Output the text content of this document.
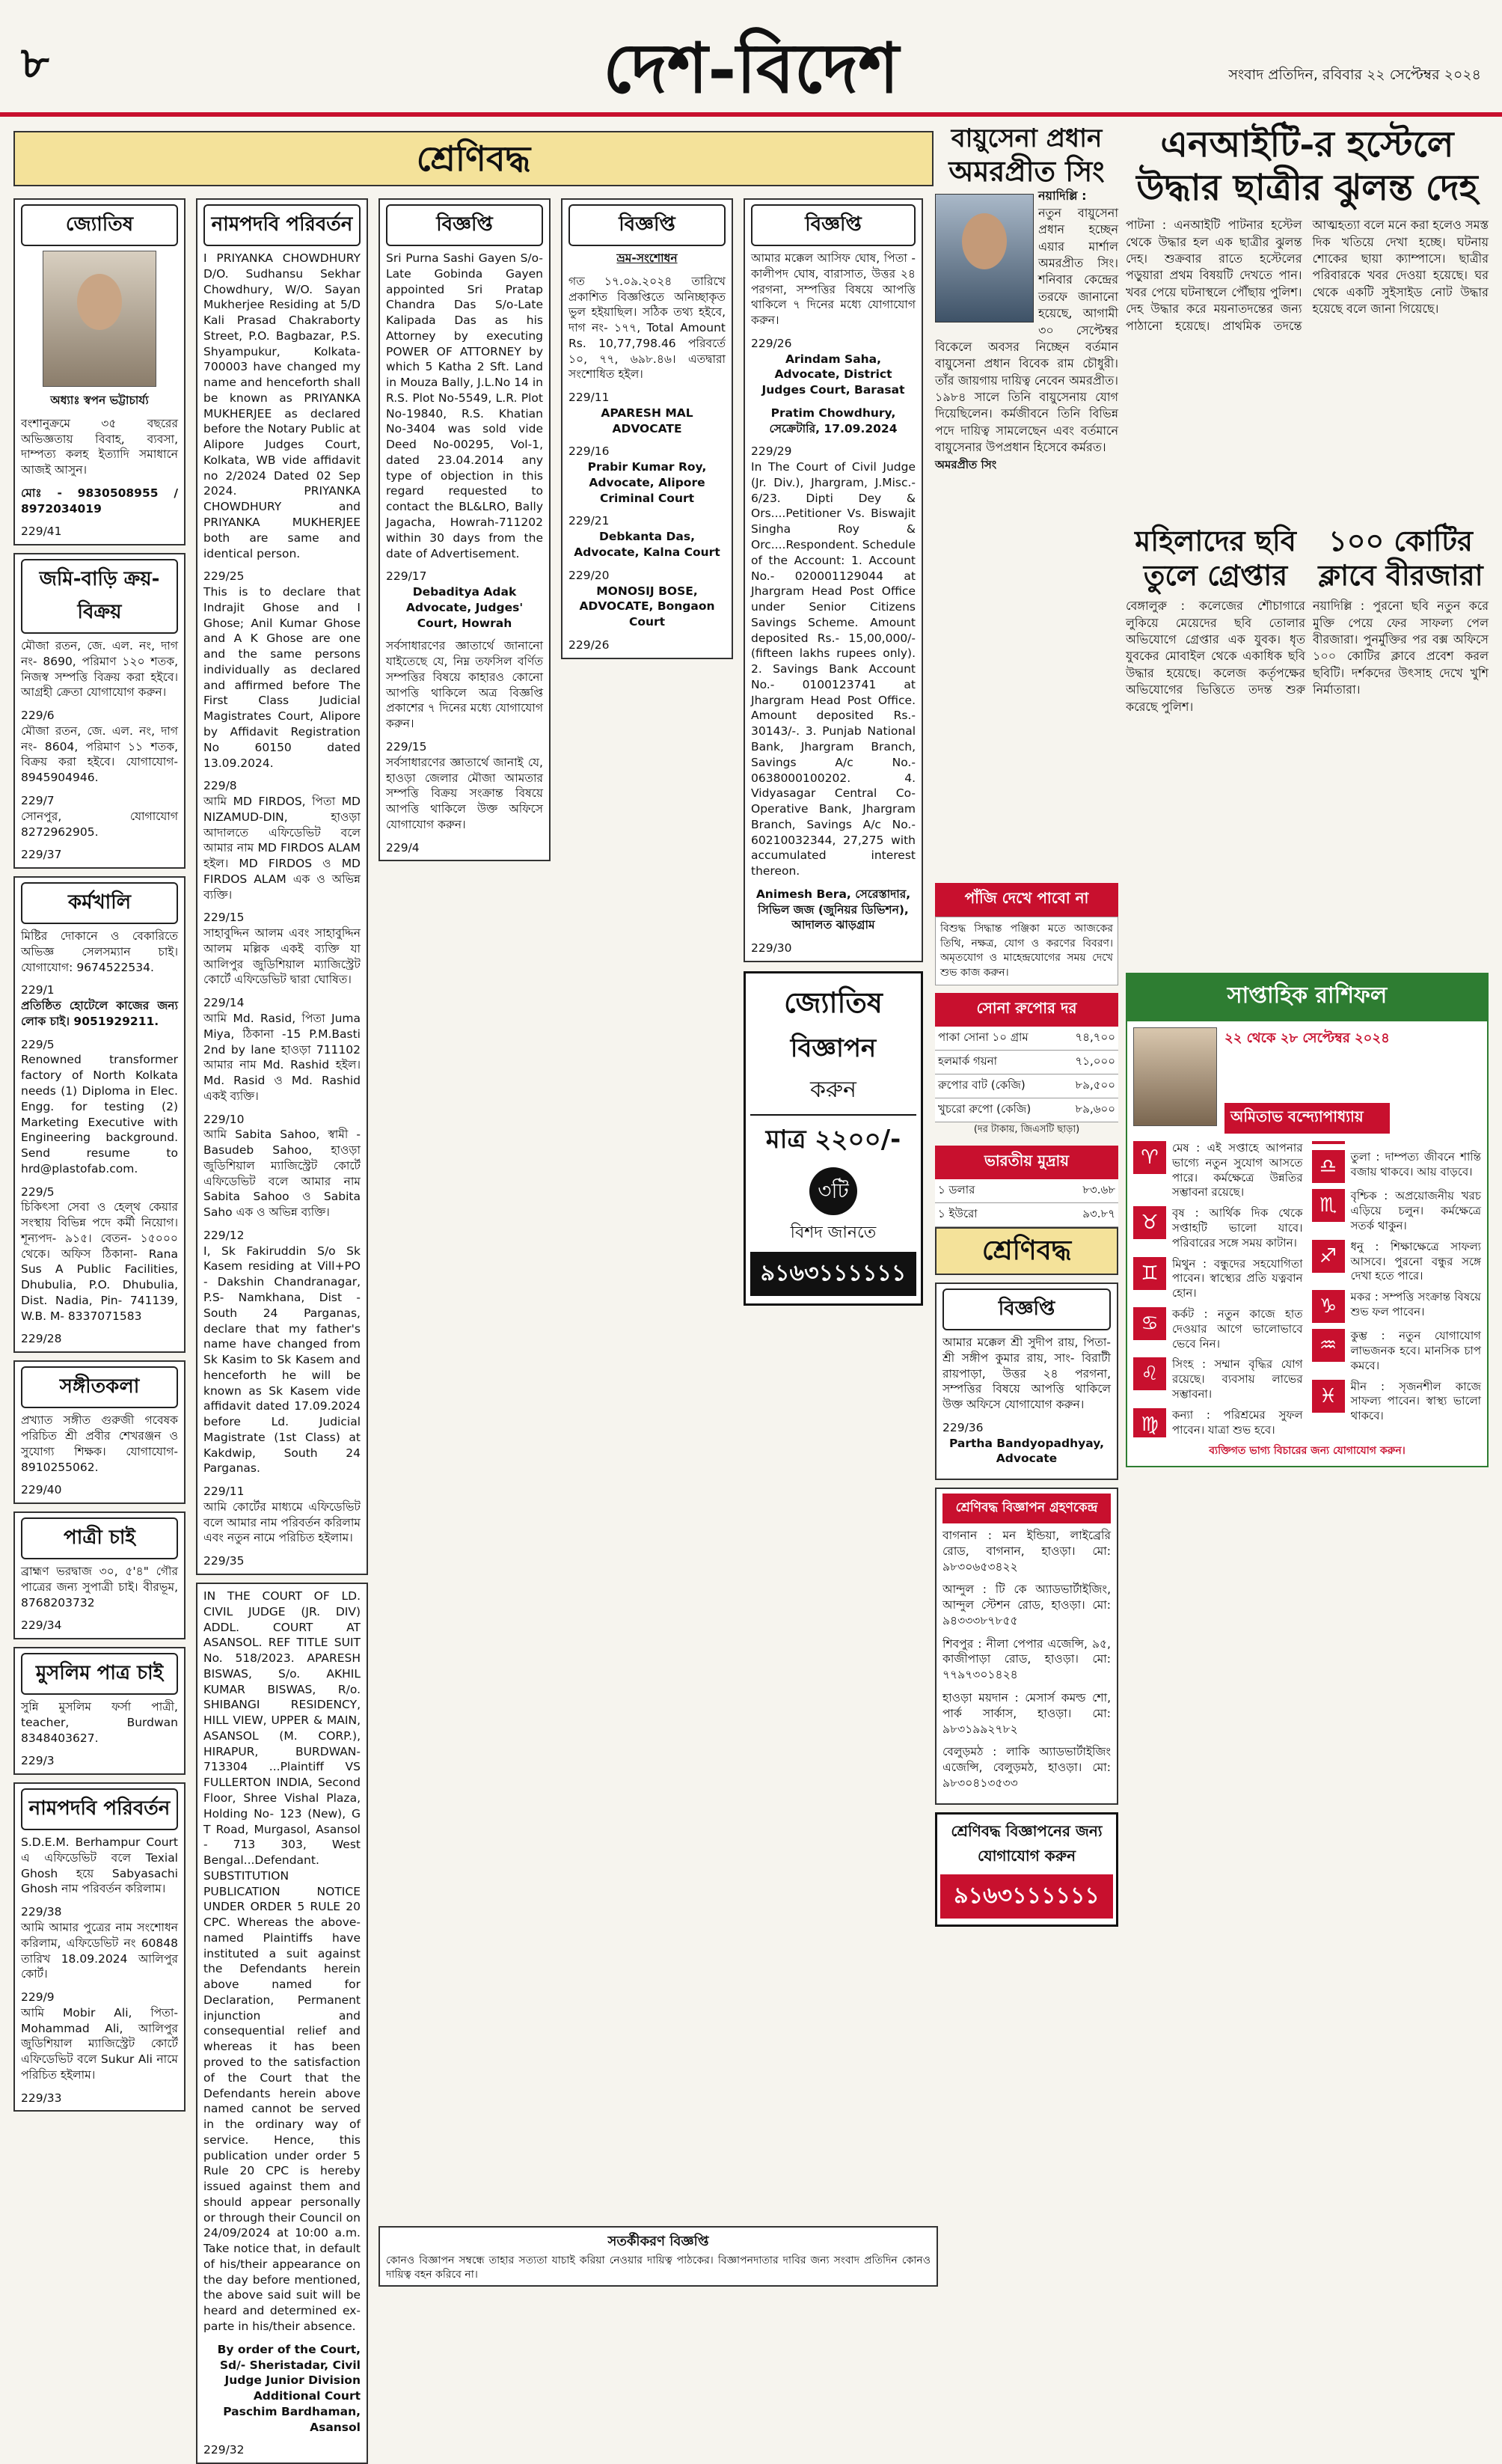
৮	দেশ-বিদেশ	সংবাদ প্রতিদিন, রবিবার ২২ সেপ্টেম্বর ২০২৪
শ্রেণিবদ্ধ
জ্যোতিষ
অধ্যাঃ স্বপন ভট্টাচার্য্য
বংশানুক্রমে ৩৫ বছরের অভিজ্ঞতায় বিবাহ, ব্যবসা, দাম্পত্য কলহ ইত্যাদি সমাধানে আজই আসুন।
মোঃ - 9830508955 / 8972034019
229/41
জমি-বাড়ি ক্রয়-বিক্রয়
মৌজা রতন, জে. এল. নং, দাগ নং- 8690, পরিমাণ ১২০ শতক, নিজস্ব সম্পত্তি বিক্রয় করা হইবে। আগ্রহী ক্রেতা যোগাযোগ করুন।
229/6
মৌজা রতন, জে. এল. নং, দাগ নং- 8604, পরিমাণ ১১ শতক, বিক্রয় করা হইবে। যোগাযোগ- 8945904946.
229/7
সোনপুর, যোগাযোগ 8272962905.
229/37
কর্মখালি
মিষ্টির দোকানে ও বেকারিতে অভিজ্ঞ সেলসম্যান চাই। যোগাযোগ: 9674522534.
229/1
প্রতিষ্ঠিত হোটেলে কাজের জন্য লোক চাই। 9051929211.
229/5
Renowned transformer factory of North Kolkata needs (1) Diploma in Elec. Engg. for testing (2) Marketing Executive with Engineering background. Send resume to hrd@plastofab.com.
229/5
চিকিৎসা সেবা ও হেল্থ কেয়ার সংস্থায় বিভিন্ন পদে কর্মী নিয়োগ। শূন্যপদ- ৯১৫। বেতন- ১৫০০০ থেকে। অফিস ঠিকানা- Rana Sus A Public Facilities, Dhubulia, P.O. Dhubulia, Dist. Nadia, Pin- 741139, W.B. M- 8337071583
229/28
সঙ্গীতকলা
প্রখ্যাত সঙ্গীত গুরুজী গবেষক পরিচিত শ্রী প্রবীর শেখরঞ্জন ও সুযোগ্য শিক্ষক। যোগাযোগ- 8910255062.
229/40
পাত্রী চাই
ব্রাহ্মণ ভরদ্বাজ ৩০, ৫'৪" গৌর পাত্রের জন্য সুপাত্রী চাই। বীরভূম, 8768203732
229/34
মুসলিম পাত্র চাই
সুন্নি মুসলিম ফর্সা পাত্রী, teacher, Burdwan 8348403627.
229/3
নামপদবি পরিবর্তন
S.D.E.M. Berhampur Court এ এফিডেভিট বলে Texial Ghosh হয়ে Sabyasachi Ghosh নাম পরিবর্তন করিলাম।
229/38
আমি আমার পুত্রের নাম সংশোধন করিলাম, এফিডেভিট নং 60848 তারিখ 18.09.2024 আলিপুর কোর্ট।
229/9
আমি Mobir Ali, পিতা- Mohammad Ali, আলিপুর জুডিশিয়াল ম্যাজিস্ট্রেট কোর্টে এফিডেভিট বলে Sukur Ali নামে পরিচিত হইলাম।
229/33
নামপদবি পরিবর্তন
I PRIYANKA CHOWDHURY D/O. Sudhansu Sekhar Chowdhury, W/O. Sayan Mukherjee Residing at 5/D Kali Prasad Chakraborty Street, P.O. Bagbazar, P.S. Shyampukur, Kolkata-700003 have changed my name and henceforth shall be known as PRIYANKA MUKHERJEE as declared before the Notary Public at Alipore Judges Court, Kolkata, WB vide affidavit no 2/2024 Dated 02 Sep 2024. PRIYANKA CHOWDHURY and PRIYANKA MUKHERJEE both are same and identical person.
229/25
This is to declare that Indrajit Ghose and I Ghose; Anil Kumar Ghose and A K Ghose are one and the same persons individually as declared and affirmed before The First Class Judicial Magistrates Court, Alipore by Affidavit Registration No 60150 dated 13.09.2024.
229/8
আমি MD FIRDOS, পিতা MD NIZAMUD-DIN, হাওড়া আদালতে এফিডেভিট বলে আমার নাম MD FIRDOS ALAM হইল। MD FIRDOS ও MD FIRDOS ALAM এক ও অভিন্ন ব্যক্তি।
229/15
সাহাবুদ্দিন আলম এবং সাহাবুদ্দিন আলম মল্লিক একই ব্যক্তি যা আলিপুর জুডিশিয়াল ম্যাজিস্ট্রেট কোর্টে এফিডেভিট দ্বারা ঘোষিত।
229/14
আমি Md. Rasid, পিতা Juma Miya, ঠিকানা -15 P.M.Basti 2nd by lane হাওড়া 711102 আমার নাম Md. Rashid হইল। Md. Rasid ও Md. Rashid একই ব্যক্তি।
229/10
আমি Sabita Sahoo, স্বামী - Basudeb Sahoo, হাওড়া জুডিশিয়াল ম্যাজিস্ট্রেট কোর্টে এফিডেভিট বলে আমার নাম Sabita Sahoo ও Sabita Saho এক ও অভিন্ন ব্যক্তি।
229/12
I, Sk Fakiruddin S/o Sk Kasem residing at Vill+PO - Dakshin Chandranagar, P.S- Namkhana, Dist - South 24 Parganas, declare that my father's name have changed from Sk Kasim to Sk Kasem and henceforth he will be known as Sk Kasem vide affidavit dated 17.09.2024 before Ld. Judicial Magistrate (1st Class) at Kakdwip, South 24 Parganas.
229/11
আমি কোর্টের মাধ্যমে এফিডেভিট বলে আমার নাম পরিবর্তন করিলাম এবং নতুন নামে পরিচিত হইলাম।
229/35
IN THE COURT OF LD. CIVIL JUDGE (JR. DIV) ADDL. COURT AT ASANSOL. REF TITLE SUIT No. 518/2023. APARESH BISWAS, S/o. AKHIL KUMAR BISWAS, R/o. SHIBANGI RESIDENCY, HILL VIEW, UPPER & MAIN, ASANSOL (M. CORP.), HIRAPUR, BURDWAN- 713304 ...Plaintiff VS FULLERTON INDIA, Second Floor, Shree Vishal Plaza, Holding No- 123 (New), G T Road, Murgasol, Asansol - 713 303, West Bengal...Defendant. SUBSTITUTION PUBLICATION NOTICE UNDER ORDER 5 RULE 20 CPC. Whereas the above-named Plaintiffs have instituted a suit against the Defendants herein above named for Declaration, Permanent injunction and consequential relief and whereas it has been proved to the satisfaction of the Court that the Defendants herein above named cannot be served in the ordinary way of service. Hence, this publication under order 5 Rule 20 CPC is hereby issued against them and should appear personally or through their Council on 24/09/2024 at 10:00 a.m. Take notice that, in default of his/their appearance on the day before mentioned, the above said suit will be heard and determined ex-parte in his/their absence.
By order of the Court, Sd/- Sheristadar, Civil Judge Junior Division Additional Court Paschim Bardhaman, Asansol
229/32
বিজ্ঞপ্তি
Sri Purna Sashi Gayen S/o-Late Gobinda Gayen appointed Sri Pratap Chandra Das S/o-Late Kalipada Das as his Attorney by executing POWER OF ATTORNEY by which 5 Katha 2 Sft. Land in Mouza Bally, J.L.No 14 in R.S. Plot No-5549, L.R. Plot No-19840, R.S. Khatian No-3404 was sold vide Deed No-00295, Vol-1, dated 23.04.2014 any type of objection in this regard requested to contact the BL&LRO, Bally Jagacha, Howrah-711202 within 30 days from the date of Advertisement.
229/17
Debaditya Adak Advocate, Judges' Court, Howrah
সর্বসাধারণের জ্ঞাতার্থে জানানো যাইতেছে যে, নিম্ন তফসিল বর্ণিত সম্পত্তির বিষয়ে কাহারও কোনো আপত্তি থাকিলে অত্র বিজ্ঞপ্তি প্রকাশের ৭ দিনের মধ্যে যোগাযোগ করুন।
229/15
সর্বসাধারণের জ্ঞাতার্থে জানাই যে, হাওড়া জেলার মৌজা আমতার সম্পত্তি বিক্রয় সংক্রান্ত বিষয়ে আপত্তি থাকিলে উক্ত অফিসে যোগাযোগ করুন।
229/4
বিজ্ঞপ্তি
ভ্রম-সংশোধন
গত ১৭.০৯.২০২৪ তারিখে প্রকাশিত বিজ্ঞপ্তিতে অনিচ্ছাকৃত ভুল হইয়াছিল। সঠিক তথ্য হইবে, দাগ নং- ১৭৭, Total Amount Rs. 10,77,798.46 পরিবর্তে ১০, ৭৭, ৬৯৮.৪৬। এতদ্বারা সংশোধিত হইল।
229/11
APARESH MAL ADVOCATE
229/16
Prabir Kumar Roy, Advocate, Alipore Criminal Court
229/21
Debkanta Das, Advocate, Kalna Court
229/20
MONOSIJ BOSE, ADVOCATE, Bongaon Court
229/26
বিজ্ঞপ্তি
আমার মক্কেল আসিফ ঘোষ, পিতা - কালীপদ ঘোষ, বারাসাত, উত্তর ২৪ পরগনা, সম্পত্তির বিষয়ে আপত্তি থাকিলে ৭ দিনের মধ্যে যোগাযোগ করুন।
229/26
Arindam Saha, Advocate, District Judges Court, Barasat
Pratim Chowdhury, সেক্রেটারি, 17.09.2024
229/29
In The Court of Civil Judge (Jr. Div.), Jhargram, J.Misc.- 6/23. Dipti Dey & Ors....Petitioner Vs. Biswajit Singha Roy & Orc....Respondent. Schedule of the Account: 1. Account No.- 020001129044 at Jhargram Head Post Office under Senior Citizens Savings Scheme. Amount deposited Rs.- 15,00,000/- (fifteen lakhs rupees only). 2. Savings Bank Account No.- 0100123741 at Jhargram Head Post Office. Amount deposited Rs.- 30143/-. 3. Punjab National Bank, Jhargram Branch, Savings A/c No.- 0638000100202. 4. Vidyasagar Central Co-Operative Bank, Jhargram Branch, Savings A/c No.- 60210032344, 27,275 with accumulated interest thereon.
Animesh Bera, সেরেস্তাদার, সিভিল জজ (জুনিয়র ডিভিশন), আদালত ঝাড়গ্রাম
229/30
জ্যোতিষ
বিজ্ঞাপন
করুন
মাত্র ২২০০/-
৩টি
বিশদ জানতে
৯১৬৩১১১১১১
সতর্কীকরণ বিজ্ঞপ্তি
কোনও বিজ্ঞাপন সম্বন্ধে তাহার সত্যতা যাচাই করিয়া নেওয়ার দায়িত্ব পাঠকের। বিজ্ঞাপনদাতার দাবির জন্য সংবাদ প্রতিদিন কোনও দায়িত্ব বহন করিবে না।
বায়ুসেনা প্রধান
অমরপ্রীত সিং
নয়াদিল্লি :
নতুন বায়ুসেনা প্রধান হচ্ছেন এয়ার মার্শাল অমরপ্রীত সিং। শনিবার কেন্দ্রের তরফে জানানো হয়েছে, আগামী ৩০ সেপ্টেম্বর বিকেলে অবসর নিচ্ছেন বর্তমান বায়ুসেনা প্রধান বিবেক রাম চৌধুরী। তাঁর জায়গায় দায়িত্ব নেবেন অমরপ্রীত। ১৯৮৪ সালে তিনি বায়ুসেনায় যোগ দিয়েছিলেন। কর্মজীবনে তিনি বিভিন্ন পদে দায়িত্ব সামলেছেন এবং বর্তমানে বায়ুসেনার উপপ্রধান হিসেবে কর্মরত।
অমরপ্রীত সিং
এনআইটি-র হস্টেলে
উদ্ধার ছাত্রীর ঝুলন্ত দেহ
পাটনা : এনআইটি পাটনার হস্টেল থেকে উদ্ধার হল এক ছাত্রীর ঝুলন্ত দেহ। শুক্রবার রাতে হস্টেলের পড়ুয়ারা প্রথম বিষয়টি দেখতে পান। খবর পেয়ে ঘটনাস্থলে পৌঁছায় পুলিশ। দেহ উদ্ধার করে ময়নাতদন্তের জন্য পাঠানো হয়েছে। প্রাথমিক তদন্তে আত্মহত্যা বলে মনে করা হলেও সমস্ত দিক খতিয়ে দেখা হচ্ছে। ঘটনায় শোকের ছায়া ক্যাম্পাসে। ছাত্রীর পরিবারকে খবর দেওয়া হয়েছে। ঘর থেকে একটি সুইসাইড নোট উদ্ধার হয়েছে বলে জানা গিয়েছে।
মহিলাদের ছবি
তুলে গ্রেপ্তার
বেঙ্গালুরু : কলেজের শৌচাগারে লুকিয়ে মেয়েদের ছবি তোলার অভিযোগে গ্রেপ্তার এক যুবক। ধৃত যুবকের মোবাইল থেকে একাধিক ছবি উদ্ধার হয়েছে। কলেজ কর্তৃপক্ষের অভিযোগের ভিত্তিতে তদন্ত শুরু করেছে পুলিশ।
১০০ কোটির
ক্লাবে বীরজারা
নয়াদিল্লি : পুরনো ছবি নতুন করে মুক্তি পেয়ে ফের সাফল্য পেল বীরজারা। পুনর্মুক্তির পর বক্স অফিসে ১০০ কোটির ক্লাবে প্রবেশ করল ছবিটি। দর্শকদের উৎসাহ দেখে খুশি নির্মাতারা।
পাঁজি দেখে পাবো না
বিশুদ্ধ সিদ্ধান্ত পঞ্জিকা মতে আজকের তিথি, নক্ষত্র, যোগ ও করণের বিবরণ। অমৃতযোগ ও মাহেন্দ্রযোগের সময় দেখে শুভ কাজ করুন।
সোনা রুপোর দর
পাকা সোনা ১০ গ্রাম	৭৪,৭০০
হলমার্ক গয়না	৭১,০০০
রুপোর বাট (কেজি)	৮৯,৫০০
খুচরো রুপো (কেজি)	৮৯,৬০০
(দর টাকায়, জিএসটি ছাড়া)
ভারতীয় মুদ্রায়
১ ডলার	৮৩.৬৮
১ ইউরো	৯৩.৮৭

শ্রেণিবদ্ধ
বিজ্ঞপ্তি
আমার মক্কেল শ্রী সুদীপ রায়, পিতা- শ্রী সঙ্গীপ কুমার রায়, সাং- বিরাটী রায়পাড়া, উত্তর ২৪ পরগনা, সম্পত্তির বিষয়ে আপত্তি থাকিলে উক্ত অফিসে যোগাযোগ করুন।
229/36
Partha Bandyopadhyay, Advocate
শ্রেণিবদ্ধ বিজ্ঞাপন গ্রহণকেন্দ্র
বাগনান : মন ইন্ডিয়া, লাইব্রেরি রোড, বাগনান, হাওড়া। মো: ৯৮৩০৬৫৩৪২২
আন্দুল : টি কে অ্যাডভার্টাইজিং, আন্দুল স্টেশন রোড, হাওড়া। মো: ৯৪৩৩৩৮৭৮৫৫
শিবপুর : নীলা পেপার এজেন্সি, ৯৫, কাজীপাড়া রোড, হাওড়া। মো: ৭৭৯৭৩০১৪২৪
হাওড়া ময়দান : মেসার্স কমল্ড শো, পার্ক সার্কাস, হাওড়া। মো: ৯৮৩১৯৯২৭৮২
বেলুড়মঠ : লাকি অ্যাডভার্টাইজিং এজেন্সি, বেলুড়মঠ, হাওড়া। মো: ৯৮৩০৪১৩৫৩৩
শ্রেণিবদ্ধ বিজ্ঞাপনের জন্য যোগাযোগ করুন
৯১৬৩১১১১১১
সাপ্তাহিক রাশিফল
২২ থেকে ২৮ সেপ্টেম্বর ২০২৪
অমিতাভ বন্দ্যোপাধ্যায়
♈	মেষ : এই সপ্তাহে আপনার ভাগ্যে নতুন সুযোগ আসতে পারে। কর্মক্ষেত্রে উন্নতির সম্ভাবনা রয়েছে।
♉	বৃষ : আর্থিক দিক থেকে সপ্তাহটি ভালো যাবে। পরিবারের সঙ্গে সময় কাটান।
♊	মিথুন : বন্ধুদের সহযোগিতা পাবেন। স্বাস্থ্যের প্রতি যত্নবান হোন।
♋	কর্কট : নতুন কাজে হাত দেওয়ার আগে ভালোভাবে ভেবে নিন।
♌	সিংহ : সম্মান বৃদ্ধির যোগ রয়েছে। ব্যবসায় লাভের সম্ভাবনা।
♍	কন্যা : পরিশ্রমের সুফল পাবেন। যাত্রা শুভ হবে।
♎	তুলা : দাম্পত্য জীবনে শান্তি বজায় থাকবে। আয় বাড়বে।
♏	বৃশ্চিক : অপ্রয়োজনীয় খরচ এড়িয়ে চলুন। কর্মক্ষেত্রে সতর্ক থাকুন।
♐	ধনু : শিক্ষাক্ষেত্রে সাফল্য আসবে। পুরনো বন্ধুর সঙ্গে দেখা হতে পারে।
♑	মকর : সম্পত্তি সংক্রান্ত বিষয়ে শুভ ফল পাবেন।
♒	কুম্ভ : নতুন যোগাযোগ লাভজনক হবে। মানসিক চাপ কমবে।
♓	মীন : সৃজনশীল কাজে সাফল্য পাবেন। স্বাস্থ্য ভালো থাকবে।
ব্যক্তিগত ভাগ্য বিচারের জন্য যোগাযোগ করুন।
